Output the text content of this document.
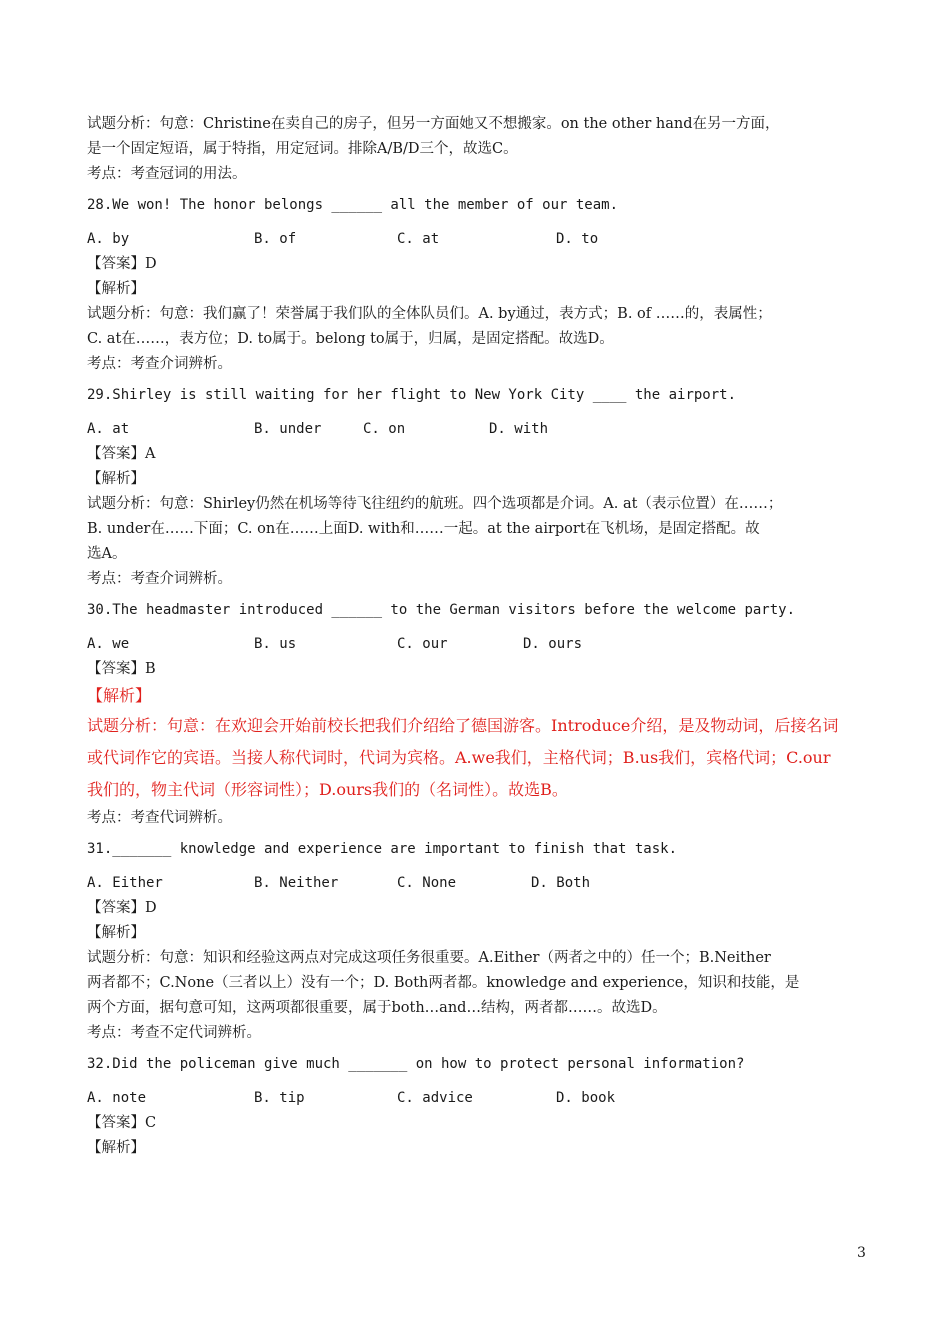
试题分析：句意：Christine在卖自己的房子，但另一方面她又不想搬家。on the other hand在另一方面，
是一个固定短语，属于特指，用定冠词。排除A/B/D三个，故选C。
考点：考查冠词的用法。
28.We won! The honor belongs ______ all the member of our team.
A. by	B. of	C. at	D. to
【答案】D
【解析】
试题分析：句意：我们赢了！荣誉属于我们队的全体队员们。A. by通过，表方式；B. of ……的，表属性；
C. at在……，表方位；D. to属于。belong to属于，归属，是固定搭配。故选D。
考点：考查介词辨析。
29.Shirley is still waiting for her flight to New York City ____ the airport.
A. at	B. under	C. on	D. with
【答案】A
【解析】
试题分析：句意：Shirley仍然在机场等待飞往纽约的航班。四个选项都是介词。A. at（表示位置）在……；
B. under在……下面；C. on在……上面D. with和……一起。at the airport在飞机场，是固定搭配。故
选A。
考点：考查介词辨析。
30.The headmaster introduced ______ to the German visitors before the welcome party.
A. we	B. us	C. our	D. ours
【答案】B
【解析】
试题分析：句意：在欢迎会开始前校长把我们介绍给了德国游客。Introduce介绍，是及物动词，后接名词
或代词作它的宾语。当接人称代词时，代词为宾格。A.we我们，主格代词；B.us我们，宾格代词；C.our
我们的，物主代词（形容词性）；D.ours我们的（名词性）。故选B。
考点：考查代词辨析。
31._______ knowledge and experience are important to finish that task.
A. Either	B. Neither	C. None	D. Both
【答案】D
【解析】
试题分析：句意：知识和经验这两点对完成这项任务很重要。A.Either（两者之中的）任一个；B.Neither
两者都不；C.None（三者以上）没有一个；D. Both两者都。knowledge and experience，知识和技能，是
两个方面，据句意可知，这两项都很重要，属于both…and…结构，两者都……。故选D。
考点：考查不定代词辨析。
32.Did the policeman give much _______ on how to protect personal information?
A. note	B. tip	C. advice	D. book
【答案】C
【解析】
3
